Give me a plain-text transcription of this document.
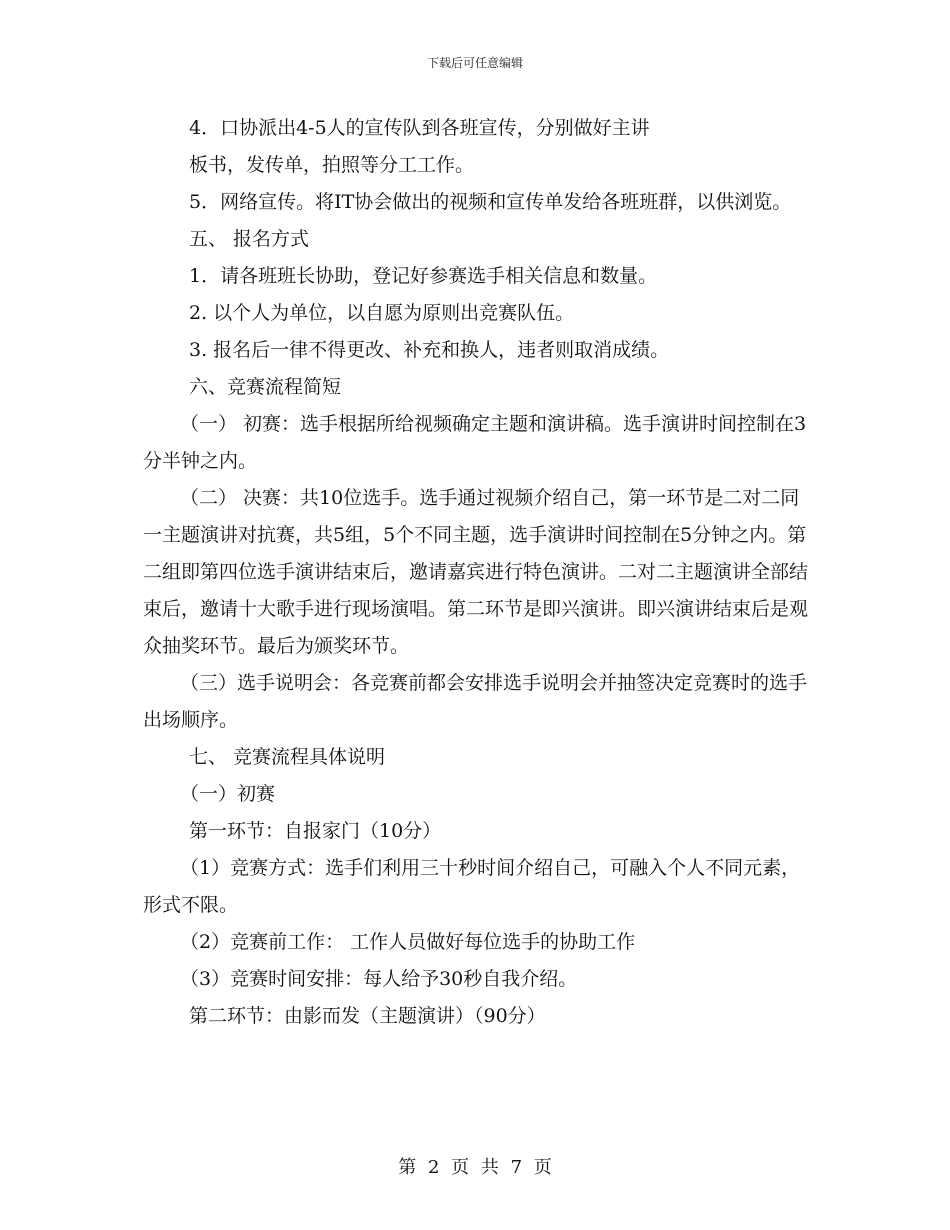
下载后可任意编辑

4．口协派出4-5人的宣传队到各班宣传，分别做好主讲

板书，发传单，拍照等分工工作。

5．网络宣传。将IT协会做出的视频和宣传单发给各班班群，以供浏览。

五、 报名方式

1．请各班班长协助，登记好参赛选手相关信息和数量。

2. 以个人为单位，以自愿为原则出竞赛队伍。

3. 报名后一律不得更改、补充和换人，违者则取消成绩。

六、竞赛流程简短

（一） 初赛：选手根据所给视频确定主题和演讲稿。选手演讲时间控制在3分半钟之内。

（二） 决赛：共10位选手。选手通过视频介绍自己，第一环节是二对二同一主题演讲对抗赛，共5组，5个不同主题，选手演讲时间控制在5分钟之内。第二组即第四位选手演讲结束后，邀请嘉宾进行特色演讲。二对二主题演讲全部结束后，邀请十大歌手进行现场演唱。第二环节是即兴演讲。即兴演讲结束后是观众抽奖环节。最后为颁奖环节。

（三）选手说明会：各竞赛前都会安排选手说明会并抽签决定竞赛时的选手出场顺序。

七、 竞赛流程具体说明

（一）初赛

第一环节：自报家门（10分）

（1）竞赛方式：选手们利用三十秒时间介绍自己，可融入个人不同元素，形式不限。

（2）竞赛前工作： 工作人员做好每位选手的协助工作

（3）竞赛时间安排：每人给予30秒自我介绍。

第二环节：由影而发（主题演讲）（90分）

第 2 页 共 7 页
